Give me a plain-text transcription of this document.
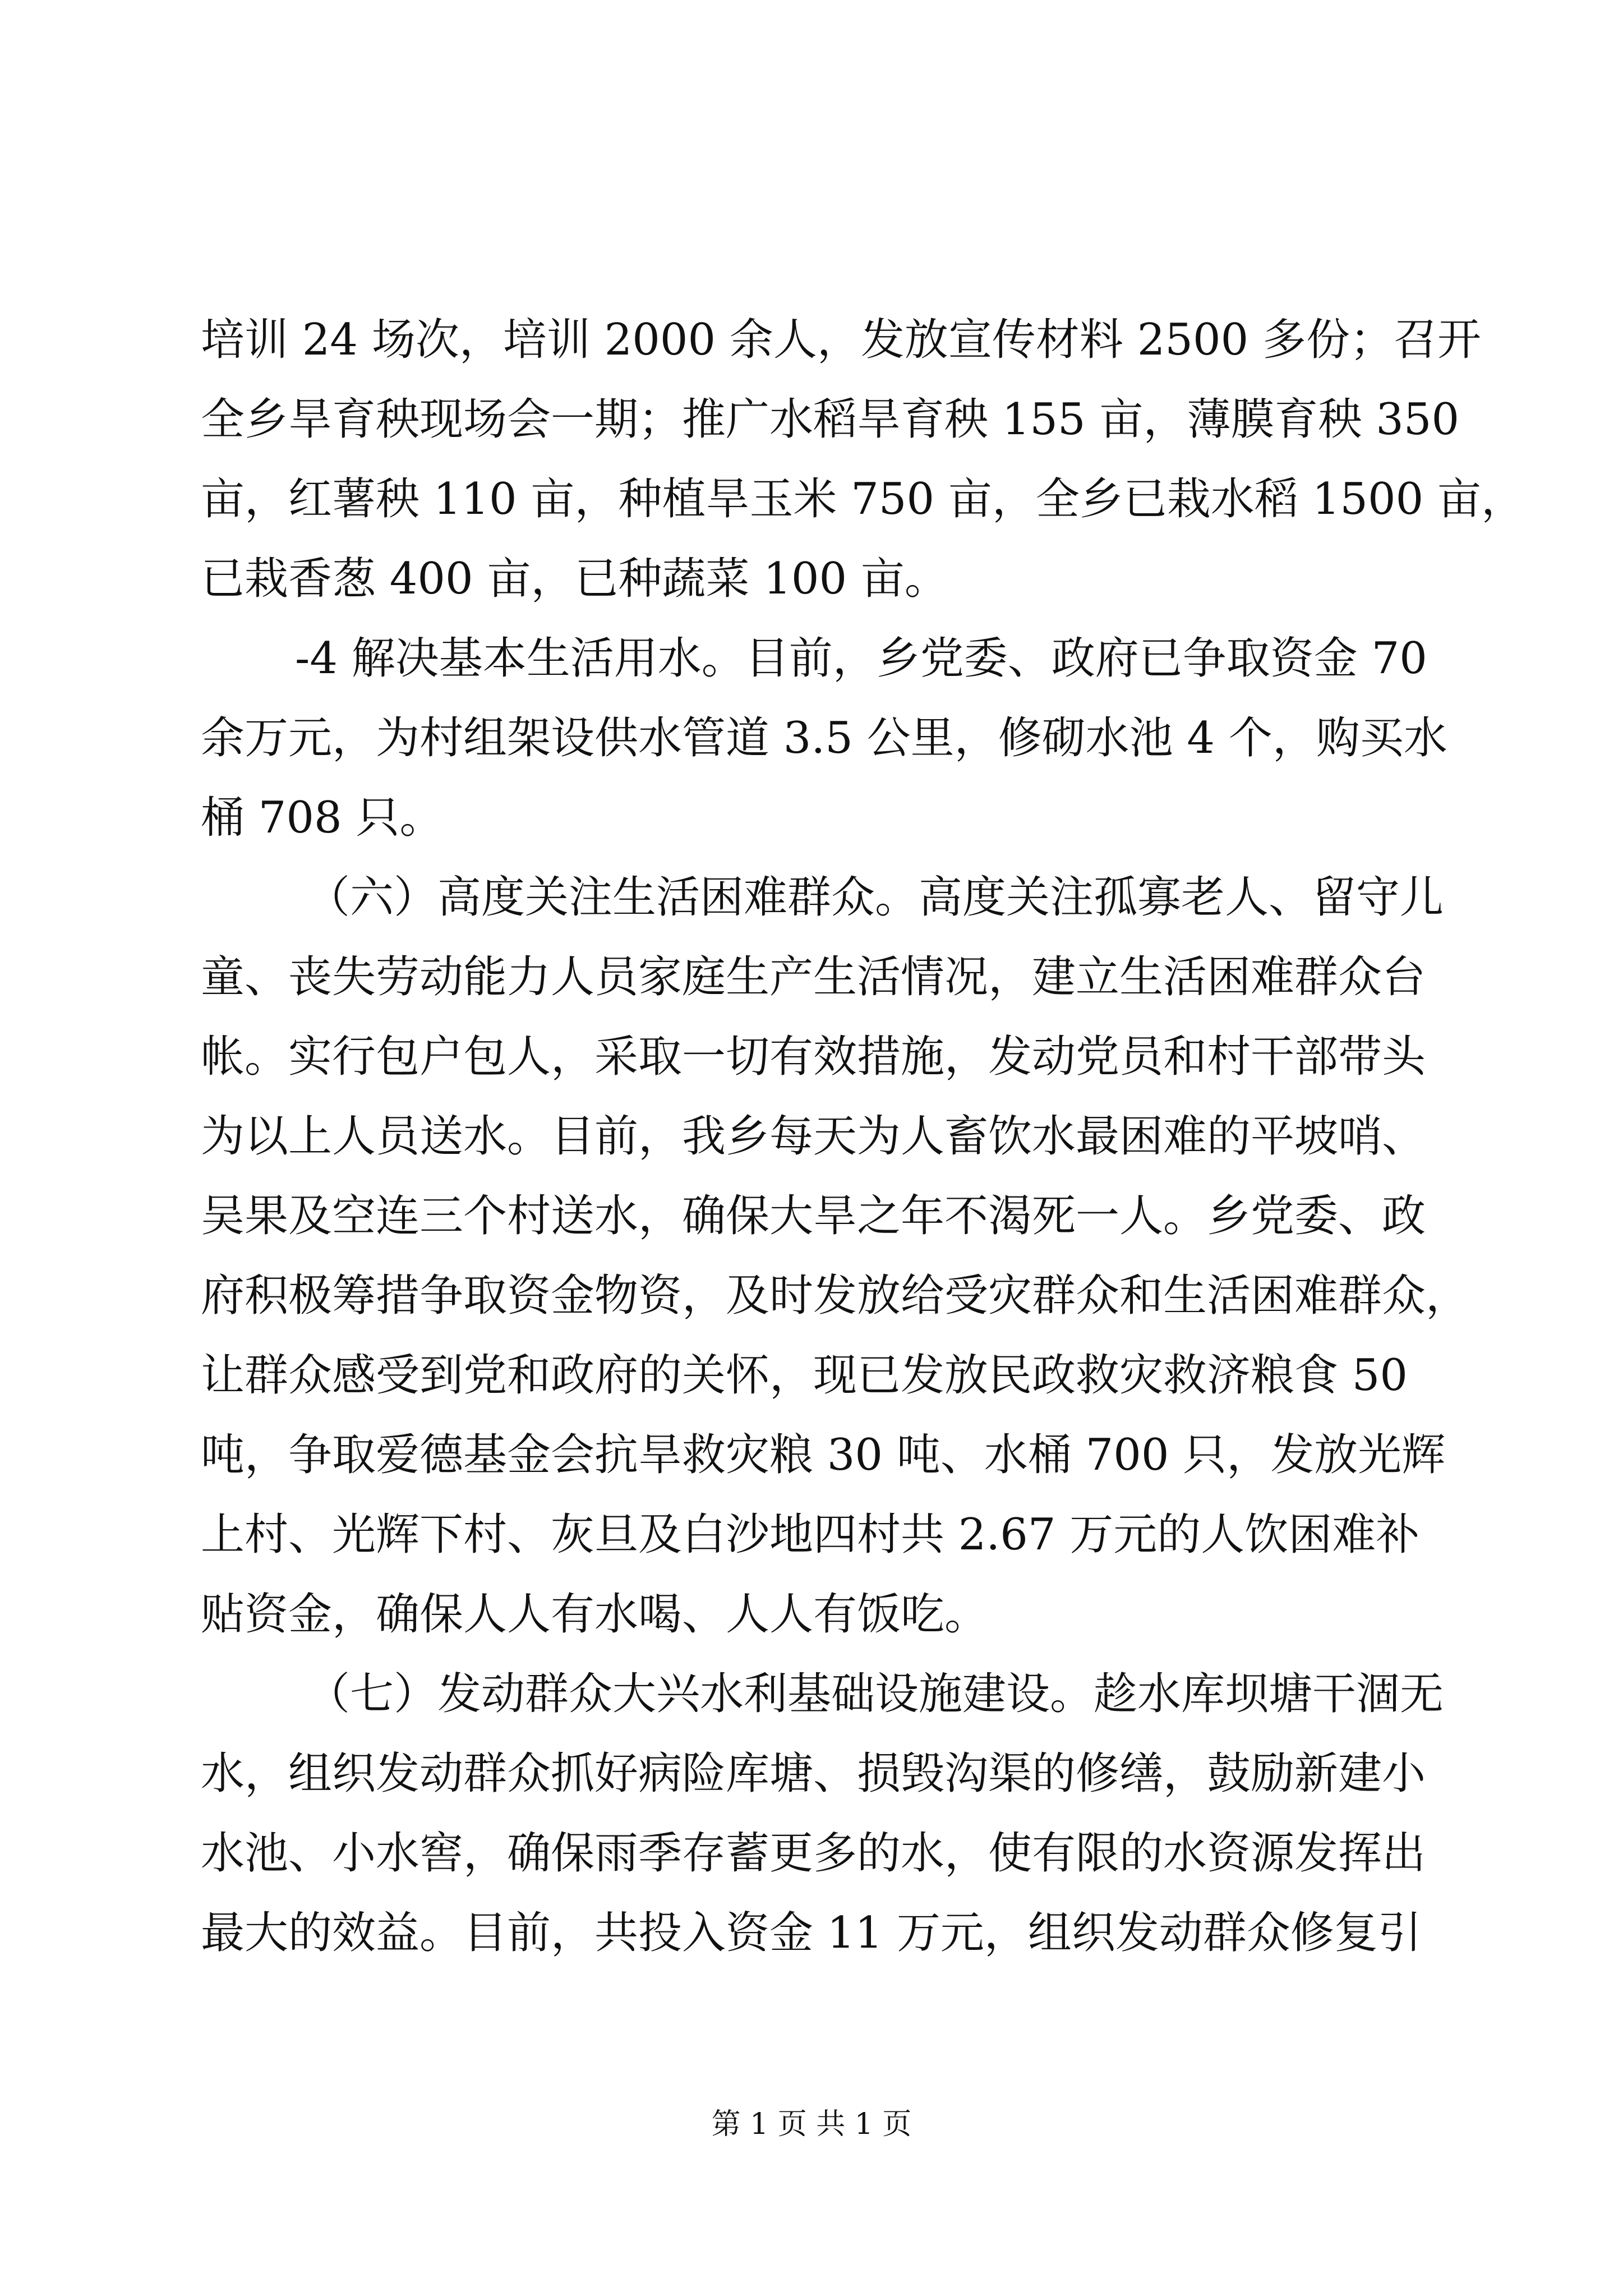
培训 24 场次，培训 2000 余人，发放宣传材料 2500 多份；召开
全乡旱育秧现场会一期；推广水稻旱育秧 155 亩，薄膜育秧 350
亩，红薯秧 110 亩，种植旱玉米 750 亩，全乡已栽水稻 1500 亩，
已栽香葱 400 亩，已种蔬菜 100 亩。
-4 解决基本生活用水。目前，乡党委、政府已争取资金 70
余万元，为村组架设供水管道 3.5 公里，修砌水池 4 个，购买水
桶 708 只。
（六）高度关注生活困难群众。高度关注孤寡老人、留守儿
童、丧失劳动能力人员家庭生产生活情况，建立生活困难群众台
帐。实行包户包人，采取一切有效措施，发动党员和村干部带头
为以上人员送水。目前，我乡每天为人畜饮水最困难的平坡哨、
吴果及空连三个村送水，确保大旱之年不渴死一人。乡党委、政
府积极筹措争取资金物资，及时发放给受灾群众和生活困难群众，
让群众感受到党和政府的关怀，现已发放民政救灾救济粮食 50
吨，争取爱德基金会抗旱救灾粮 30 吨、水桶 700 只，发放光辉
上村、光辉下村、灰旦及白沙地四村共 2.67 万元的人饮困难补
贴资金，确保人人有水喝、人人有饭吃。
（七）发动群众大兴水利基础设施建设。趁水库坝塘干涸无
水，组织发动群众抓好病险库塘、损毁沟渠的修缮，鼓励新建小
水池、小水窖，确保雨季存蓄更多的水，使有限的水资源发挥出
最大的效益。目前，共投入资金 11 万元，组织发动群众修复引
第 1 页 共 1 页
